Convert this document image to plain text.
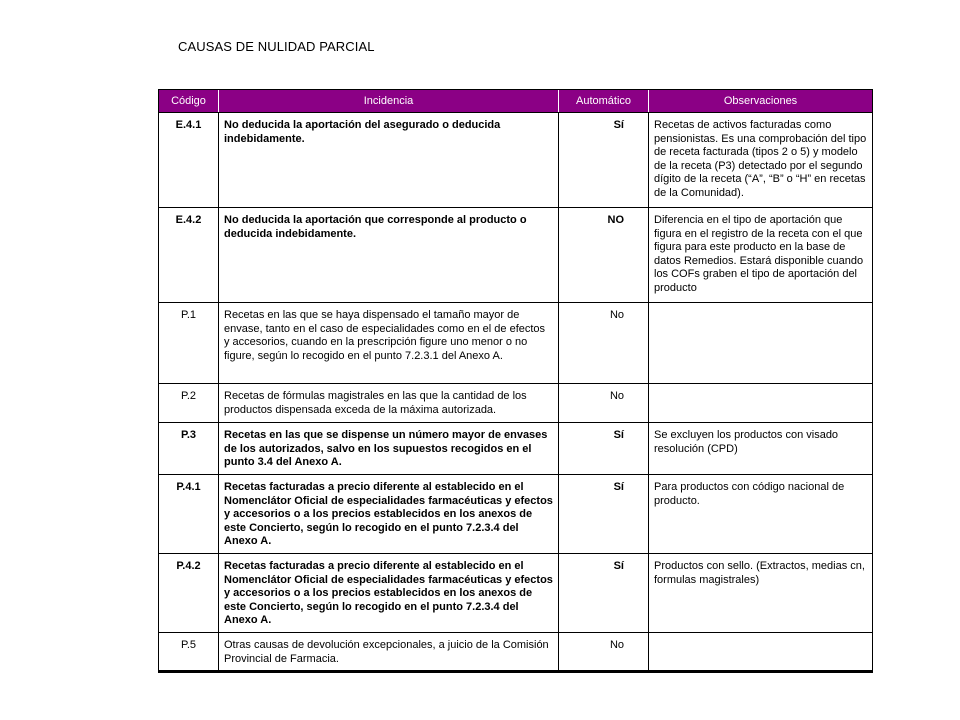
CAUSAS DE NULIDAD PARCIAL
Código	Incidencia	Automático	Observaciones
E.4.1	No deducida la aportación del asegurado o deducida indebidamente.	Sí	Recetas de activos facturadas como pensionistas. Es una comprobación del tipo de receta facturada (tipos 2 o 5) y modelo de la receta (P3) detectado por el segundo dígito de la receta (“A”, “B” o “H” en recetas de la Comunidad).
E.4.2	No deducida la aportación que corresponde al producto o deducida indebidamente.	NO	Diferencia en el tipo de aportación que figura en el registro de la receta con el que figura para este producto en la base de datos Remedios. Estará disponible cuando los COFs graben el tipo de aportación del producto
P.1	Recetas en las que se haya dispensado el tamaño mayor de envase, tanto en el caso de especialidades como en el de efectos y accesorios, cuando en la prescripción figure uno menor o no figure, según lo recogido en el punto 7.2.3.1 del Anexo A.	No	
P.2	Recetas de fórmulas magistrales en las que la cantidad de los productos dispensada exceda de la máxima autorizada.	No	
P.3	Recetas en las que se dispense un número mayor de envases de los autorizados, salvo en los supuestos recogidos en el punto 3.4 del Anexo A.	Sí	Se excluyen los productos con visado resolución (CPD)
P.4.1	Recetas facturadas a precio diferente al establecido en el Nomenclátor Oficial de especialidades farmacéuticas y efectos y accesorios o a los precios establecidos en los anexos de este Concierto, según lo recogido en el punto 7.2.3.4 del Anexo A.	Sí	Para productos con código nacional de producto.
P.4.2	Recetas facturadas a precio diferente al establecido en el Nomenclátor Oficial de especialidades farmacéuticas y efectos y accesorios o a los precios establecidos en los anexos de este Concierto, según lo recogido en el punto 7.2.3.4 del Anexo A.	Sí	Productos con sello. (Extractos, medias cn, formulas magistrales)
P.5	Otras causas de devolución excepcionales, a juicio de la Comisión Provincial de Farmacia.	No	
